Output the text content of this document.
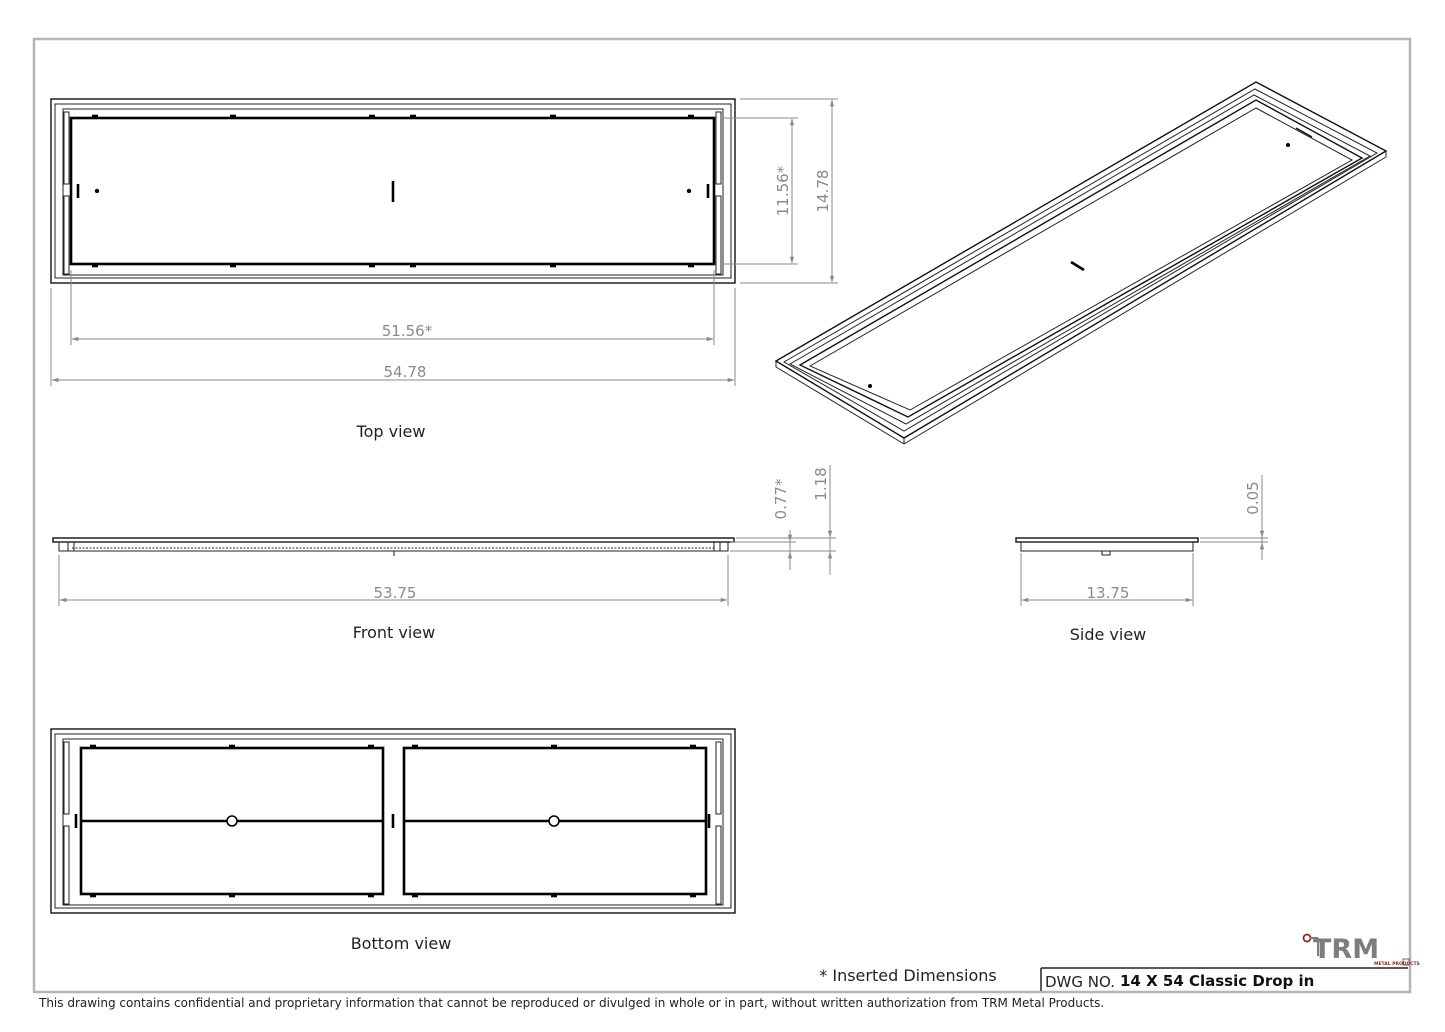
51.56*
54.78
11.56* 14.78
Top view
53.75
0.77* 1.18
Front view
13.75
0.05
Side view
Bottom view
* Inserted Dimensions	DWG NO. 14 X 54 Classic Drop in
TRM
METAL PRODUCTS
This drawing contains confidential and proprietary information that cannot be reproduced or divulged in whole or in part, without written authorization from TRM Metal Products.
